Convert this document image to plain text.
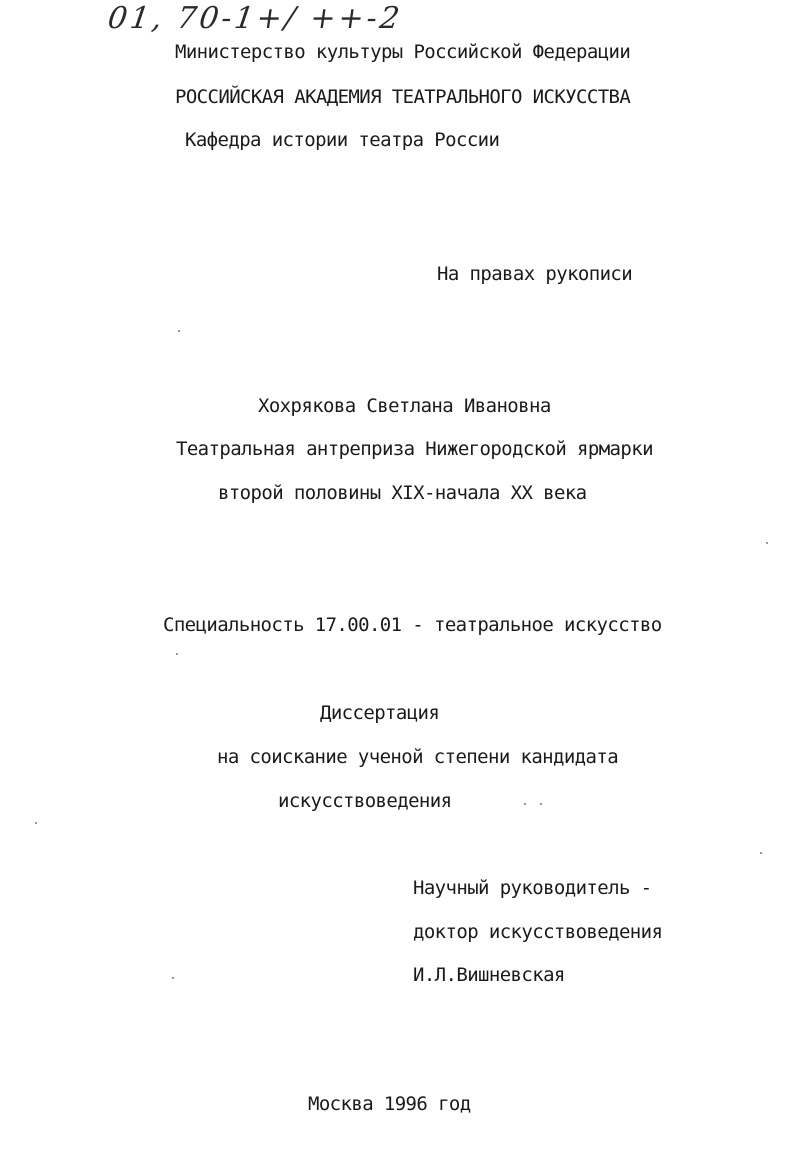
01, 70-1+/ ++-2
Министерство культуры Российской Федерации
РОССИЙСКАЯ АКАДЕМИЯ ТЕАТРАЛЬНОГО ИСКУССТВА
Кафедра истории театра России
На правах рукописи
Хохрякова Светлана Ивановна
Театральная антреприза Нижегородской ярмарки
второй половины XIX-начала XX века
Специальность 17.00.01 - театральное искусство
Диссертация
на соискание ученой степени кандидата
искусствоведения
Научный руководитель -
доктор искусствоведения
И.Л.Вишневская
Москва 1996 год
